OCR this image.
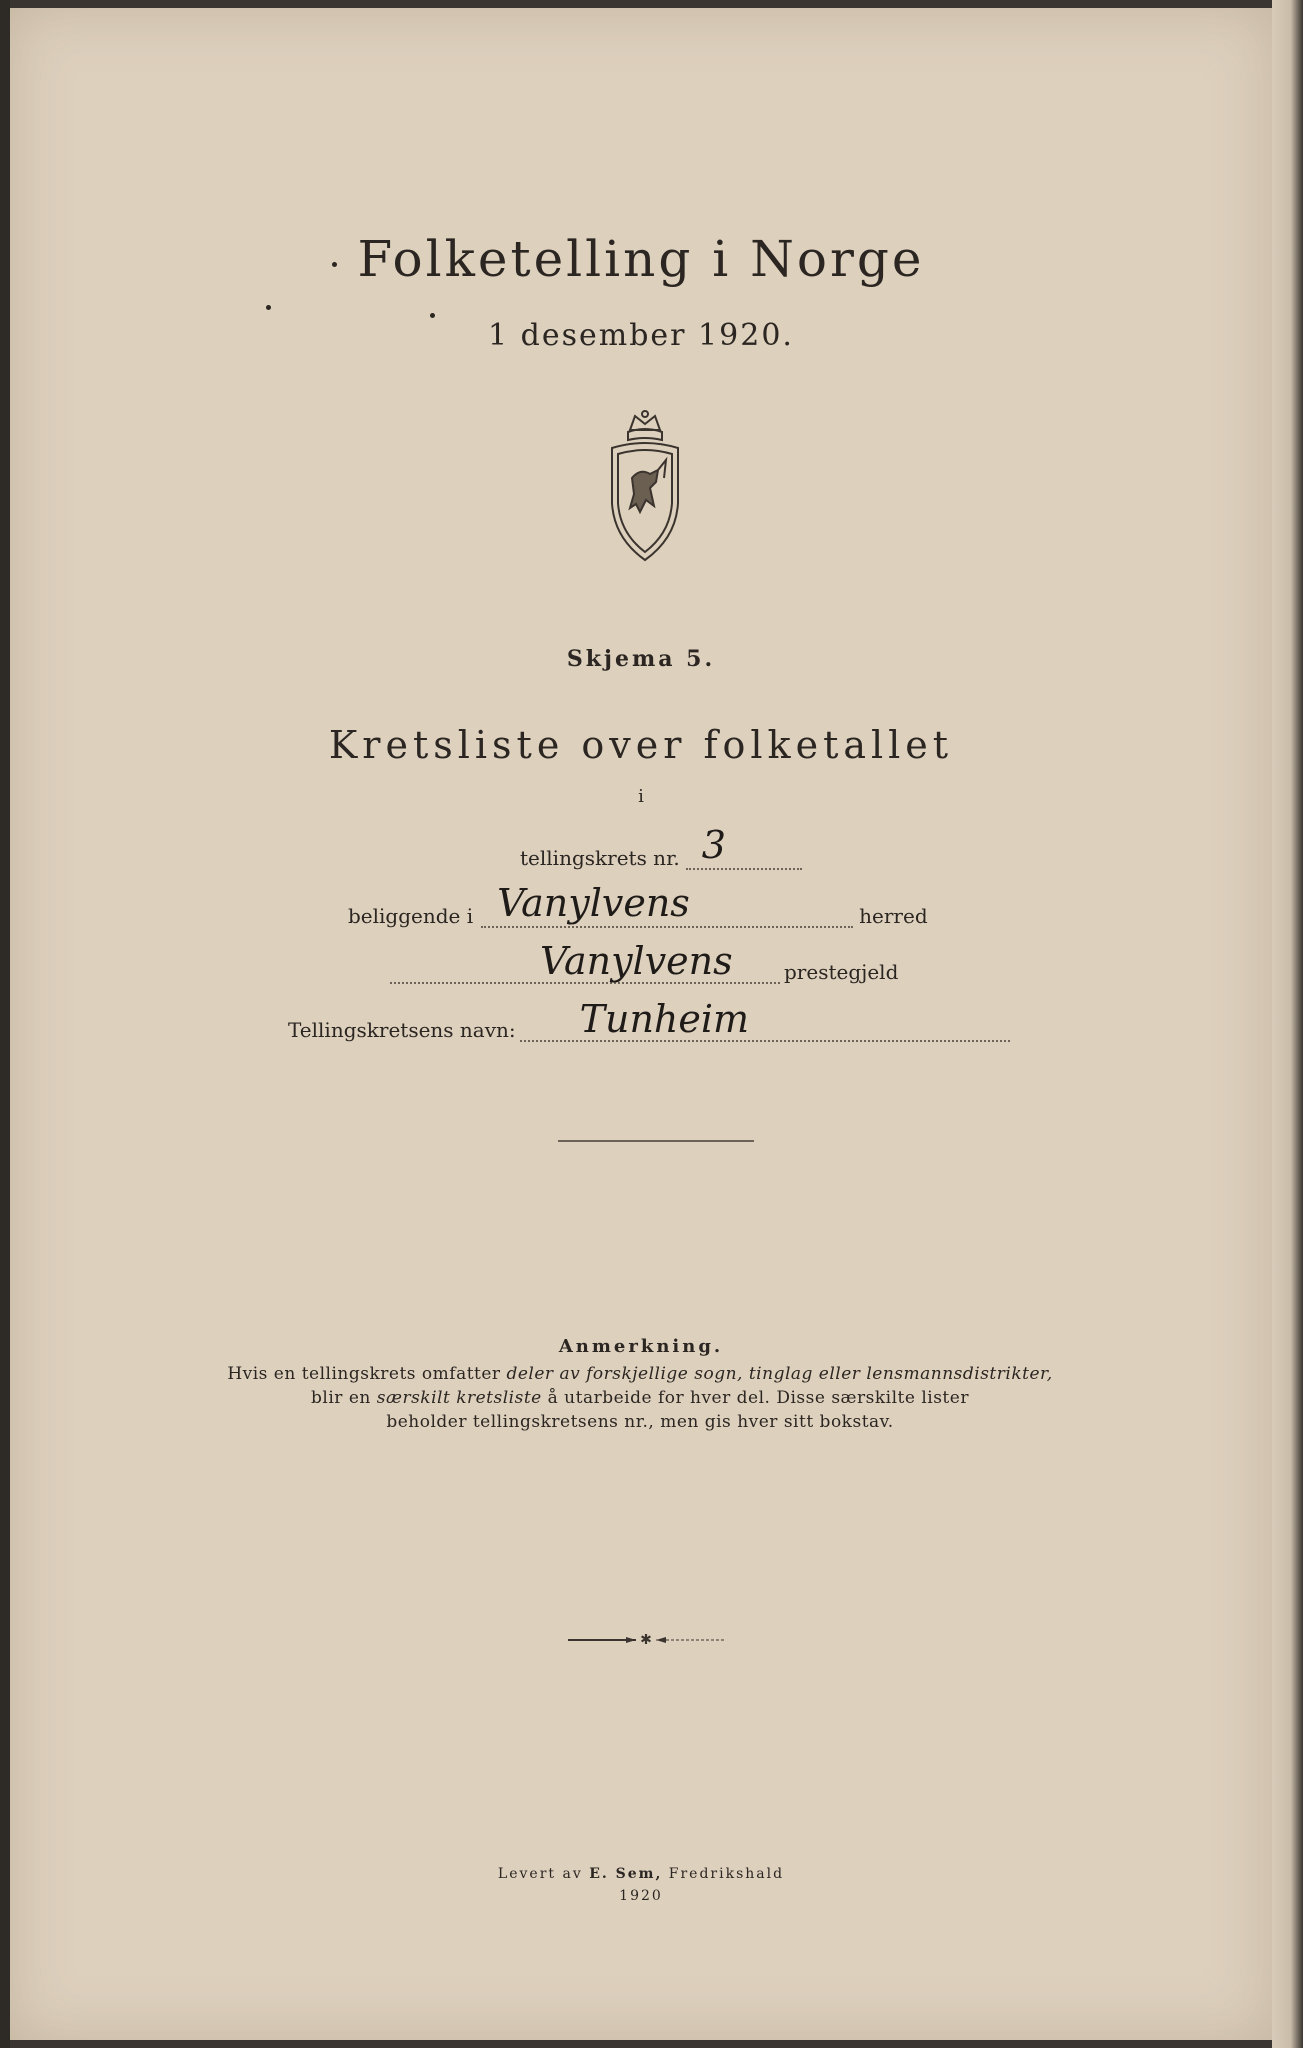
Folketelling i Norge
1 desember 1920.
Skjema 5.
Kretsliste over folketallet
i
tellingskrets nr. 3
beliggende i Vanylvens	herred
Vanylvens	prestegjeld
Tellingskretsens navn:	Tunheim
Anmerkning.
Hvis en tellingskrets omfatter deler av forskjellige sogn, tinglag eller lensmannsdistrikter,
blir en særskilt kretsliste å utarbeide for hver del. Disse særskilte lister
beholder tellingskretsens nr., men gis hver sitt bokstav.
✱
Levert av E. Sem, Fredrikshald
1920
